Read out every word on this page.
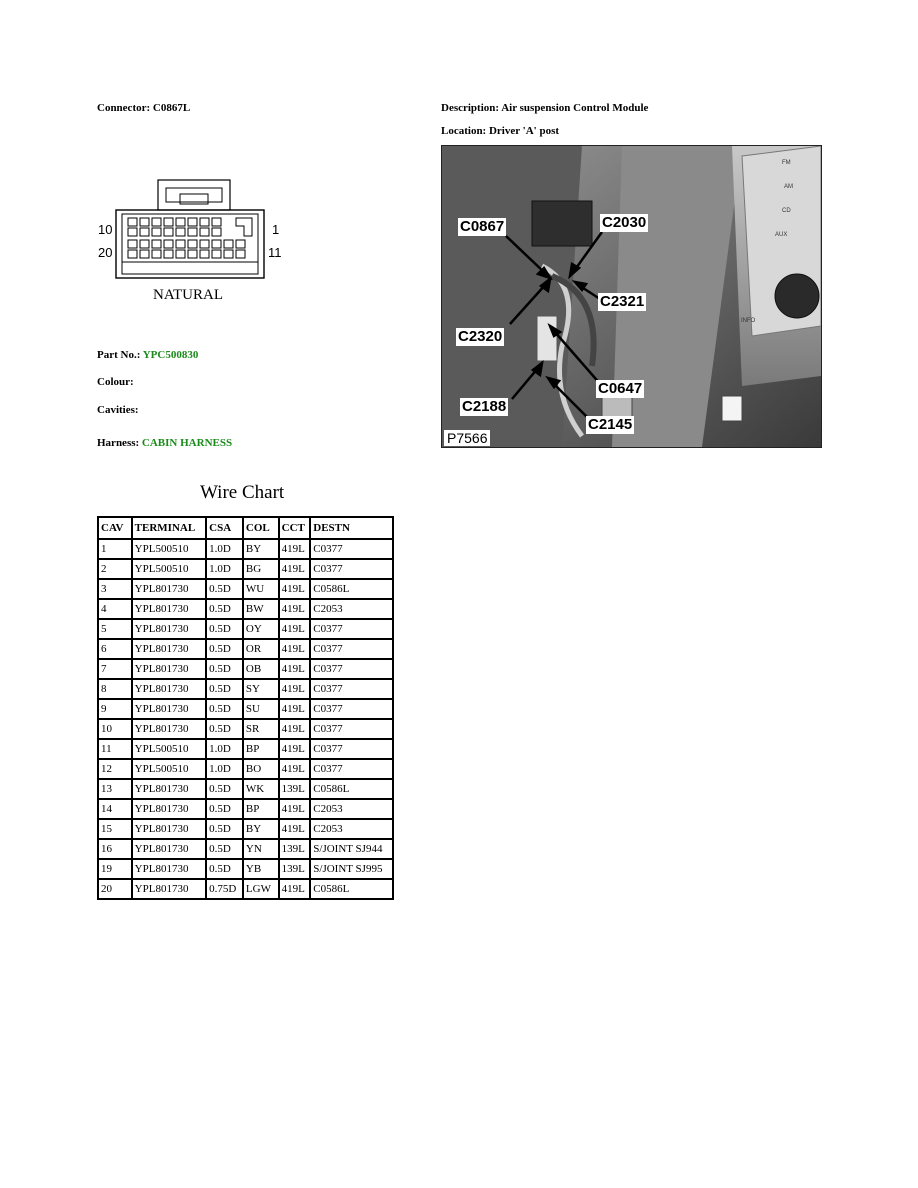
Connector: C0867L	Description: Air suspension Control Module
Location: Driver 'A' post
10	1
20	11
NATURAL
Part No.: YPC500830
Colour:
Cavities:
Harness: CABIN HARNESS
C0867	C2030
C2321
C2320
C0647
C2188
C2145
FM
AM
CD
AUX
INFO
P7566
Wire Chart
CAV	TERMINAL	CSA	COL	CCT	DESTN
1	YPL500510	1.0D	BY	419L	C0377
2	YPL500510	1.0D	BG	419L	C0377
3	YPL801730	0.5D	WU	419L	C0586L
4	YPL801730	0.5D	BW	419L	C2053
5	YPL801730	0.5D	OY	419L	C0377
6	YPL801730	0.5D	OR	419L	C0377
7	YPL801730	0.5D	OB	419L	C0377
8	YPL801730	0.5D	SY	419L	C0377
9	YPL801730	0.5D	SU	419L	C0377
10	YPL801730	0.5D	SR	419L	C0377
11	YPL500510	1.0D	BP	419L	C0377
12	YPL500510	1.0D	BO	419L	C0377
13	YPL801730	0.5D	WK	139L	C0586L
14	YPL801730	0.5D	BP	419L	C2053
15	YPL801730	0.5D	BY	419L	C2053
16	YPL801730	0.5D	YN	139L	S/JOINT SJ944
19	YPL801730	0.5D	YB	139L	S/JOINT SJ995
20	YPL801730	0.75D	LGW	419L	C0586L
